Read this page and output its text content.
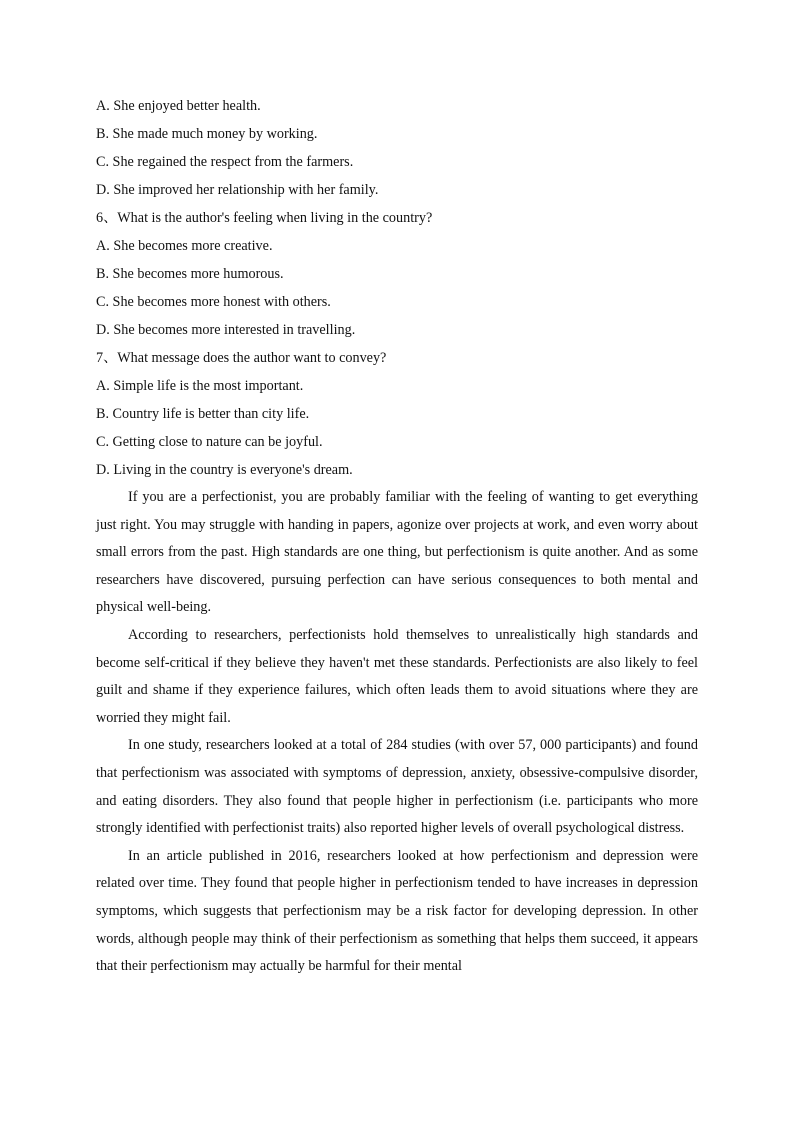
A. She enjoyed better health.
B. She made much money by working.
C. She regained the respect from the farmers.
D. She improved her relationship with her family.
6、What is the author's feeling when living in the country?
A. She becomes more creative.
B. She becomes more humorous.
C. She becomes more honest with others.
D. She becomes more interested in travelling.
7、What message does the author want to convey?
A. Simple life is the most important.
B. Country life is better than city life.
C. Getting close to nature can be joyful.
D. Living in the country is everyone's dream.

If you are a perfectionist, you are probably familiar with the feeling of wanting to get everything just right. You may struggle with handing in papers, agonize over projects at work, and even worry about small errors from the past. High standards are one thing, but perfectionism is quite another. And as some researchers have discovered, pursuing perfection can have serious consequences to both mental and physical well-being.

According to researchers, perfectionists hold themselves to unrealistically high standards and become self-critical if they believe they haven't met these standards. Perfectionists are also likely to feel guilt and shame if they experience failures, which often leads them to avoid situations where they are worried they might fail.

In one study, researchers looked at a total of 284 studies (with over 57, 000 participants) and found that perfectionism was associated with symptoms of depression, anxiety, obsessive-compulsive disorder, and eating disorders. They also found that people higher in perfectionism (i.e. participants who more strongly identified with perfectionist traits) also reported higher levels of overall psychological distress.

In an article published in 2016, researchers looked at how perfectionism and depression were related over time. They found that people higher in perfectionism tended to have increases in depression symptoms, which suggests that perfectionism may be a risk factor for developing depression. In other words, although people may think of their perfectionism as something that helps them succeed, it appears that their perfectionism may actually be harmful for their mental
